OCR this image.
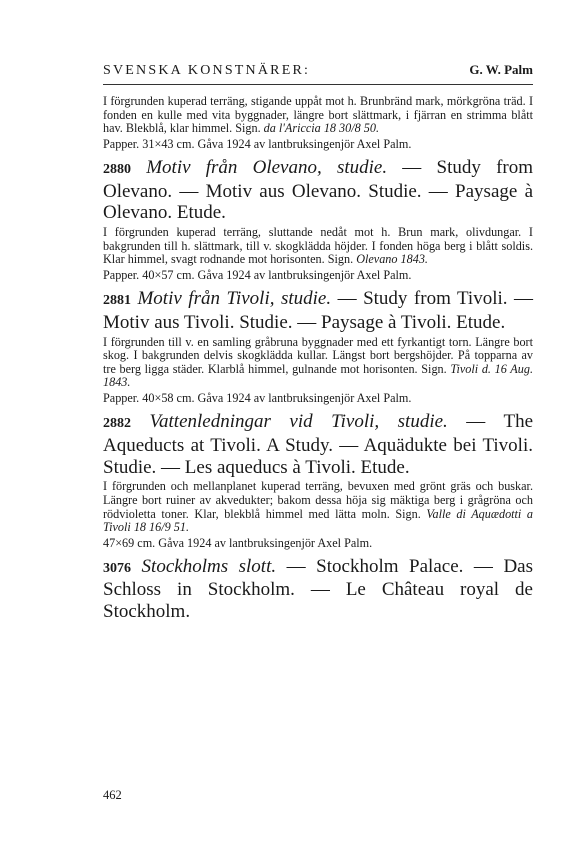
SVENSKA KONSTNÄRER:	G. W. Palm

I förgrunden kuperad terräng, stigande uppåt mot h. Brunbränd mark, mörkgröna träd. I fonden en kulle med vita byggnader, längre bort slättmark, i fjärran en strimma blått hav. Blekblå, klar himmel. Sign. da l'Ariccia 18 30/8 50.

Papper. 31×43 cm. Gåva 1924 av lantbruksingenjör Axel Palm.

2880 Motiv från Olevano, studie. — Study from Olevano. — Motiv aus Olevano. Studie. — Paysage à Olevano. Etude.

I förgrunden kuperad terräng, sluttande nedåt mot h. Brun mark, olivdungar. I bakgrunden till h. slättmark, till v. skogklädda höjder. I fonden höga berg i blått soldis. Klar himmel, svagt rodnande mot horisonten. Sign. Olevano 1843.

Papper. 40×57 cm. Gåva 1924 av lantbruksingenjör Axel Palm.

2881 Motiv från Tivoli, studie. — Study from Tivoli. — Motiv aus Tivoli. Studie. — Paysage à Tivoli. Etude.

I förgrunden till v. en samling gråbruna byggnader med ett fyrkantigt torn. Längre bort skog. I bakgrunden delvis skogklädda kullar. Längst bort bergshöjder. På topparna av tre berg ligga städer. Klarblå himmel, gulnande mot horisonten. Sign. Tivoli d. 16 Aug. 1843.

Papper. 40×58 cm. Gåva 1924 av lantbruksingenjör Axel Palm.

2882 Vattenledningar vid Tivoli, studie. — The Aqueducts at Tivoli. A Study. — Aquädukte bei Tivoli. Studie. — Les aqueducs à Tivoli. Etude.

I förgrunden och mellanplanet kuperad terräng, bevuxen med grönt gräs och buskar. Längre bort ruiner av akvedukter; bakom dessa höja sig mäktiga berg i grågröna och rödvioletta toner. Klar, blekblå himmel med lätta moln. Sign. Valle di Aquædotti a Tivoli 18 16/9 51.

47×69 cm. Gåva 1924 av lantbruksingenjör Axel Palm.

3076 Stockholms slott. — Stockholm Palace. — Das Schloss in Stockholm. — Le Château royal de Stockholm.

462
